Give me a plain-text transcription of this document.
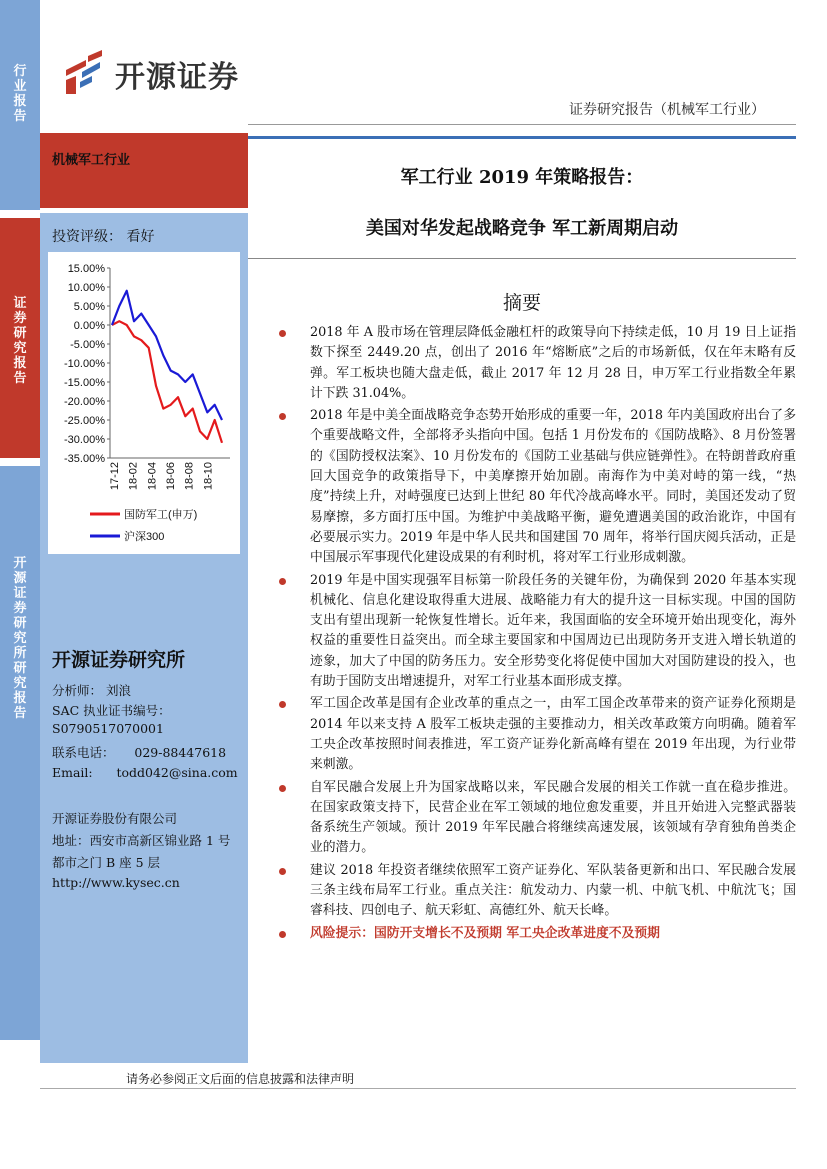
行
业
报
告
证
券
研
究
报
告
开
源
证
券
研
究
所
研
究
报
告
开源证券
证券研究报告（机械军工行业）
机械军工行业
投资评级： 看好
15.00%
10.00%
5.00%
0.00%
-5.00%
-10.00%
-15.00%
-20.00%
-25.00%
-30.00%
-35.00%
17-12 18-02 18-04 18-06 18-08 18-10
国防军工(申万)
沪深300
开源证券研究所
分析师： 刘浪
SAC 执业证书编号：
S0790517070001
联系电话：     029-88447618
Email:      todd042@sina.com
开源证券股份有限公司
地址：西安市高新区锦业路 1 号
都市之门 B 座 5 层
http://www.kysec.cn
军工行业 2019 年策略报告：
美国对华发起战略竞争 军工新周期启动
摘要

2018 年 A 股市场在管理层降低金融杠杆的政策导向下持续走低，10 月 19 日上证指数下探至 2449.20 点，创出了 2016 年“熔断底”之后的市场新低，仅在年末略有反弹。军工板块也随大盘走低，截止 2017 年 12 月 28 日，申万军工行业指数全年累计下跌 31.04%。

2018 年是中美全面战略竞争态势开始形成的重要一年，2018 年内美国政府出台了多个重要战略文件，全部将矛头指向中国。包括 1 月份发布的《国防战略》、8 月份签署的《国防授权法案》、10 月份发布的《国防工业基础与供应链弹性》。在特朗普政府重回大国竞争的政策指导下，中美摩擦开始加剧。南海作为中美对峙的第一线，“热度”持续上升，对峙强度已达到上世纪 80 年代冷战高峰水平。同时，美国还发动了贸易摩擦，多方面打压中国。为维护中美战略平衡，避免遭遇美国的政治讹诈，中国有必要展示实力。2019 年是中华人民共和国建国 70 周年，将举行国庆阅兵活动，正是中国展示军事现代化建设成果的有利时机，将对军工行业形成刺激。

2019 年是中国实现强军目标第一阶段任务的关键年份，为确保到 2020 年基本实现机械化、信息化建设取得重大进展、战略能力有大的提升这一目标实现。中国的国防支出有望出现新一轮恢复性增长。近年来，我国面临的安全环境开始出现变化，海外权益的重要性日益突出。而全球主要国家和中国周边已出现防务开支进入增长轨道的迹象，加大了中国的防务压力。安全形势变化将促使中国加大对国防建设的投入，也有助于国防支出增速提升，对军工行业基本面形成支撑。

军工国企改革是国有企业改革的重点之一，由军工国企改革带来的资产证券化预期是 2014 年以来支持 A 股军工板块走强的主要推动力，相关改革政策方向明确。随着军工央企改革按照时间表推进，军工资产证券化新高峰有望在 2019 年出现，为行业带来刺激。

自军民融合发展上升为国家战略以来，军民融合发展的相关工作就一直在稳步推进。在国家政策支持下，民营企业在军工领域的地位愈发重要，并且开始进入完整武器装备系统生产领域。预计 2019 年军民融合将继续高速发展，该领域有孕育独角兽类企业的潜力。

建议 2018 年投资者继续依照军工资产证券化、军队装备更新和出口、军民融合发展三条主线布局军工行业。重点关注：航发动力、内蒙一机、中航飞机、中航沈飞；国睿科技、四创电子、航天彩虹、高德红外、航天长峰。

风险提示：国防开支增长不及预期 军工央企改革进度不及预期

请务必参阅正文后面的信息披露和法律声明
